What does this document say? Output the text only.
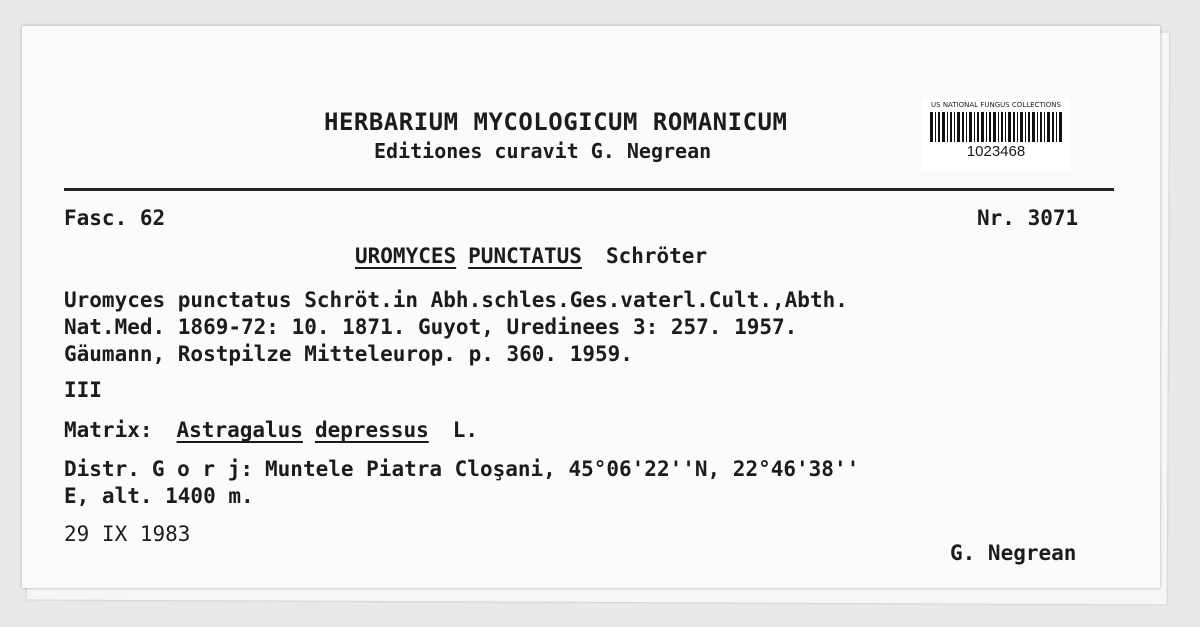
HERBARIUM MYCOLOGICUM ROMANICUM
Editiones curavit G. Negrean
US NATIONAL FUNGUS COLLECTIONS
1023468
Fasc. 62	Nr. 3071
UROMYCES PUNCTATUS Schröter
Uromyces punctatus Schröt.in Abh.schles.Ges.vaterl.Cult.,Abth.
Nat.Med. 1869-72: 10. 1871. Guyot, Uredinees 3: 257. 1957.
Gäumann, Rostpilze Mitteleurop. p. 360. 1959.
III
Matrix: Astragalus depressus L.
Distr. G o r j: Muntele Piatra Cloşani, 45°06'22''N, 22°46'38''
E, alt. 1400 m.
29 IX 1983
G. Negrean
